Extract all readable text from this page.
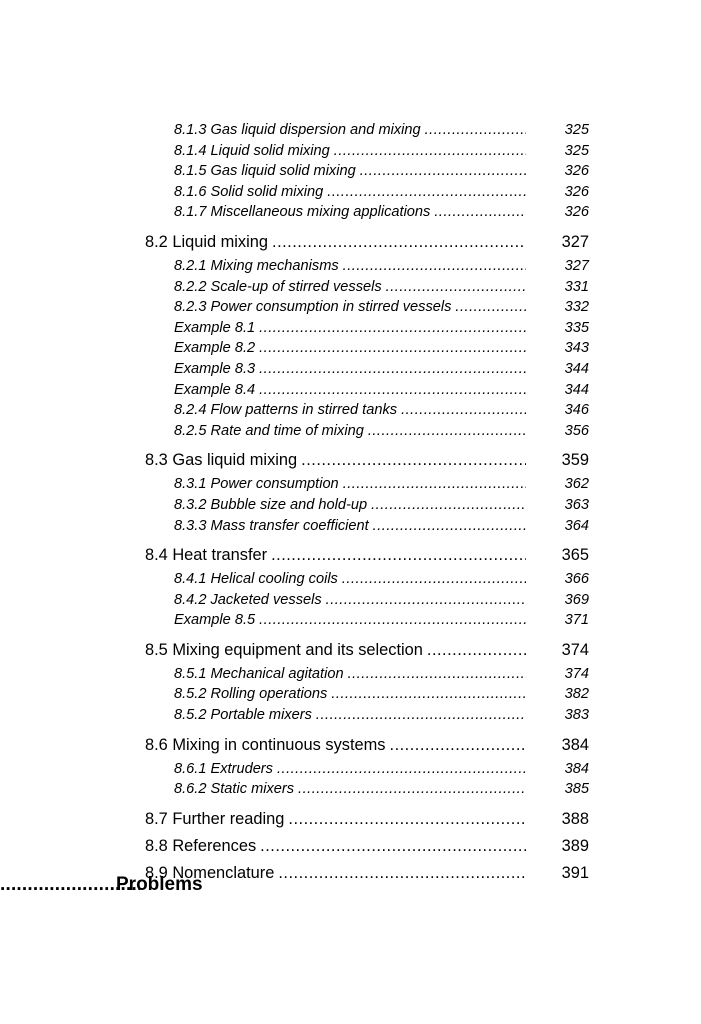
8.1.3 Gas liquid dispersion and mixing .....	325
8.1.4 Liquid solid mixing .....	325
8.1.5 Gas liquid solid mixing .....	326
8.1.6 Solid solid mixing .....	326
8.1.7 Miscellaneous mixing applications .....	326
8.2 Liquid mixing .....	327
8.2.1 Mixing mechanisms .....	327
8.2.2 Scale-up of stirred vessels .....	331
8.2.3 Power consumption in stirred vessels .....	332
Example 8.1 .....	335
Example 8.2 .....	343
Example 8.3 .....	344
Example 8.4 .....	344
8.2.4 Flow patterns in stirred tanks .....	346
8.2.5 Rate and time of mixing .....	356
8.3 Gas liquid mixing .....	359
8.3.1 Power consumption .....	362
8.3.2 Bubble size and hold-up .....	363
8.3.3 Mass transfer coefficient .....	364
8.4 Heat transfer .....	365
8.4.1 Helical cooling coils .....	366
8.4.2 Jacketed vessels .....	369
Example 8.5 .....	371
8.5 Mixing equipment and its selection .....	374
8.5.1 Mechanical agitation .....	374
8.5.2 Rolling operations .....	382
8.5.2 Portable mixers .....	383
8.6 Mixing in continuous systems .....	384
8.6.1 Extruders .....	384
8.6.2 Static mixers .....	385
8.7 Further reading .....	388
8.8 References .....	389
8.9 Nomenclature .....	391
.....
Problems
